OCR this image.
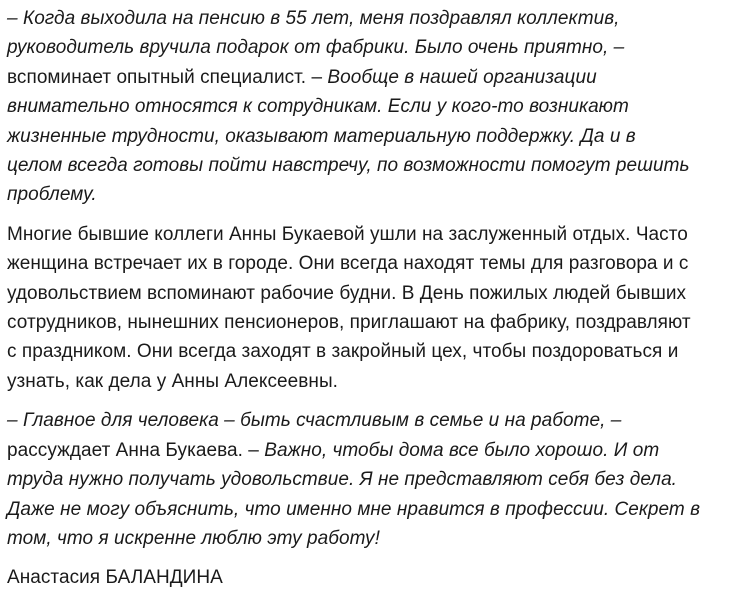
– Когда выходила на пенсию в 55 лет, меня поздравлял коллектив,
руководитель вручила подарок от фабрики. Было очень приятно, –
вспоминает опытный специалист. – Вообще в нашей организации
внимательно относятся к сотрудникам. Если у кого-то возникают
жизненные трудности, оказывают материальную поддержку. Да и в
целом всегда готовы пойти навстречу, по возможности помогут решить
проблему.
Многие бывшие коллеги Анны Букаевой ушли на заслуженный отдых. Часто
женщина встречает их в городе. Они всегда находят темы для разговора и с
удовольствием вспоминают рабочие будни. В День пожилых людей бывших
сотрудников, нынешних пенсионеров, приглашают на фабрику, поздравляют
с праздником. Они всегда заходят в закройный цех, чтобы поздороваться и
узнать, как дела у Анны Алексеевны.
– Главное для человека – быть счастливым в семье и на работе, –
рассуждает Анна Букаева. – Важно, чтобы дома все было хорошо. И от
труда нужно получать удовольствие. Я не представляют себя без дела.
Даже не могу объяснить, что именно мне нравится в профессии. Секрет в
том, что я искренне люблю эту работу!
Анастасия БАЛАНДИНА
